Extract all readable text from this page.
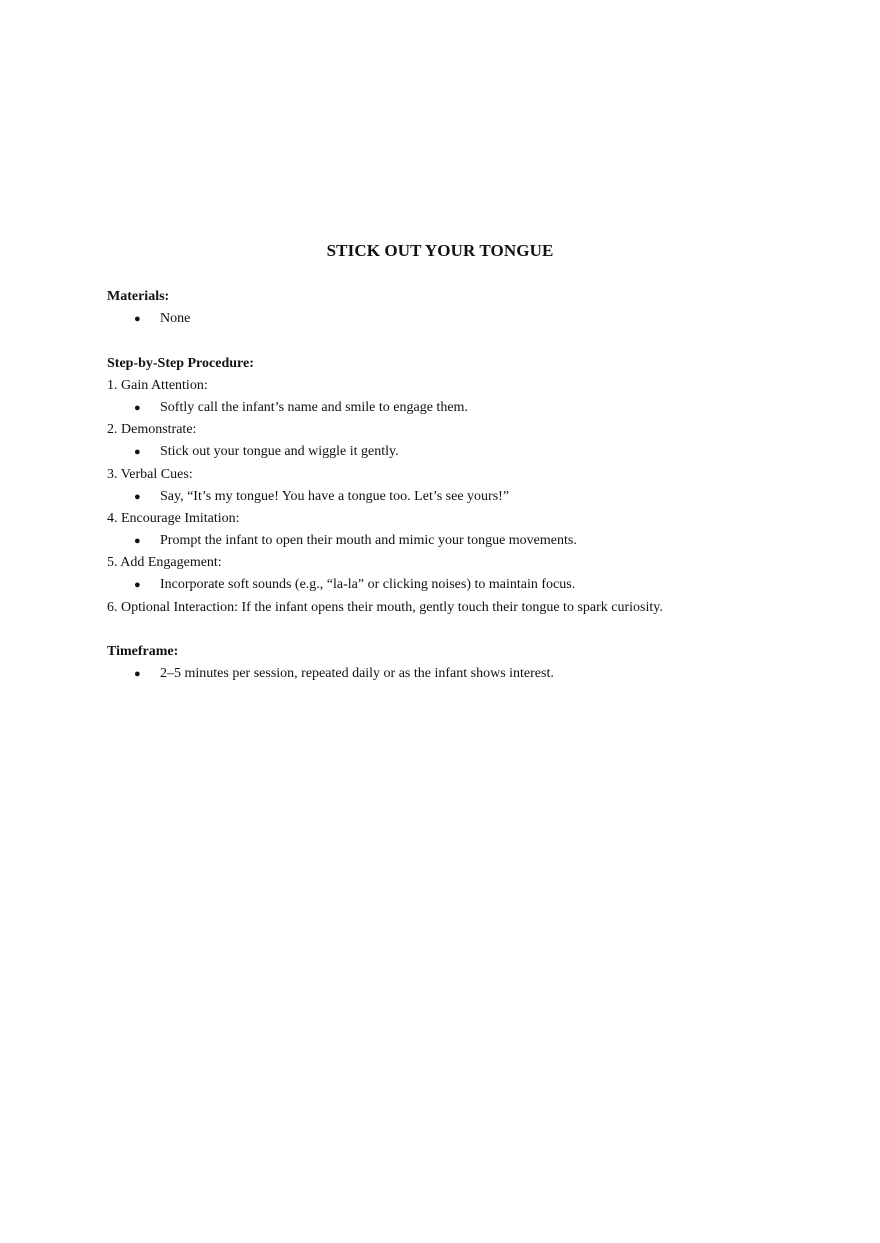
STICK OUT YOUR TONGUE
Materials:
● None
Step-by-Step Procedure:
1. Gain Attention:
● Softly call the infant’s name and smile to engage them.
2. Demonstrate:
● Stick out your tongue and wiggle it gently.
3. Verbal Cues:
● Say, “It’s my tongue! You have a tongue too. Let’s see yours!”
4. Encourage Imitation:
● Prompt the infant to open their mouth and mimic your tongue movements.
5. Add Engagement:
● Incorporate soft sounds (e.g., “la-la” or clicking noises) to maintain focus.
6. Optional Interaction: If the infant opens their mouth, gently touch their tongue to spark curiosity.
Timeframe:
● 2–5 minutes per session, repeated daily or as the infant shows interest.
